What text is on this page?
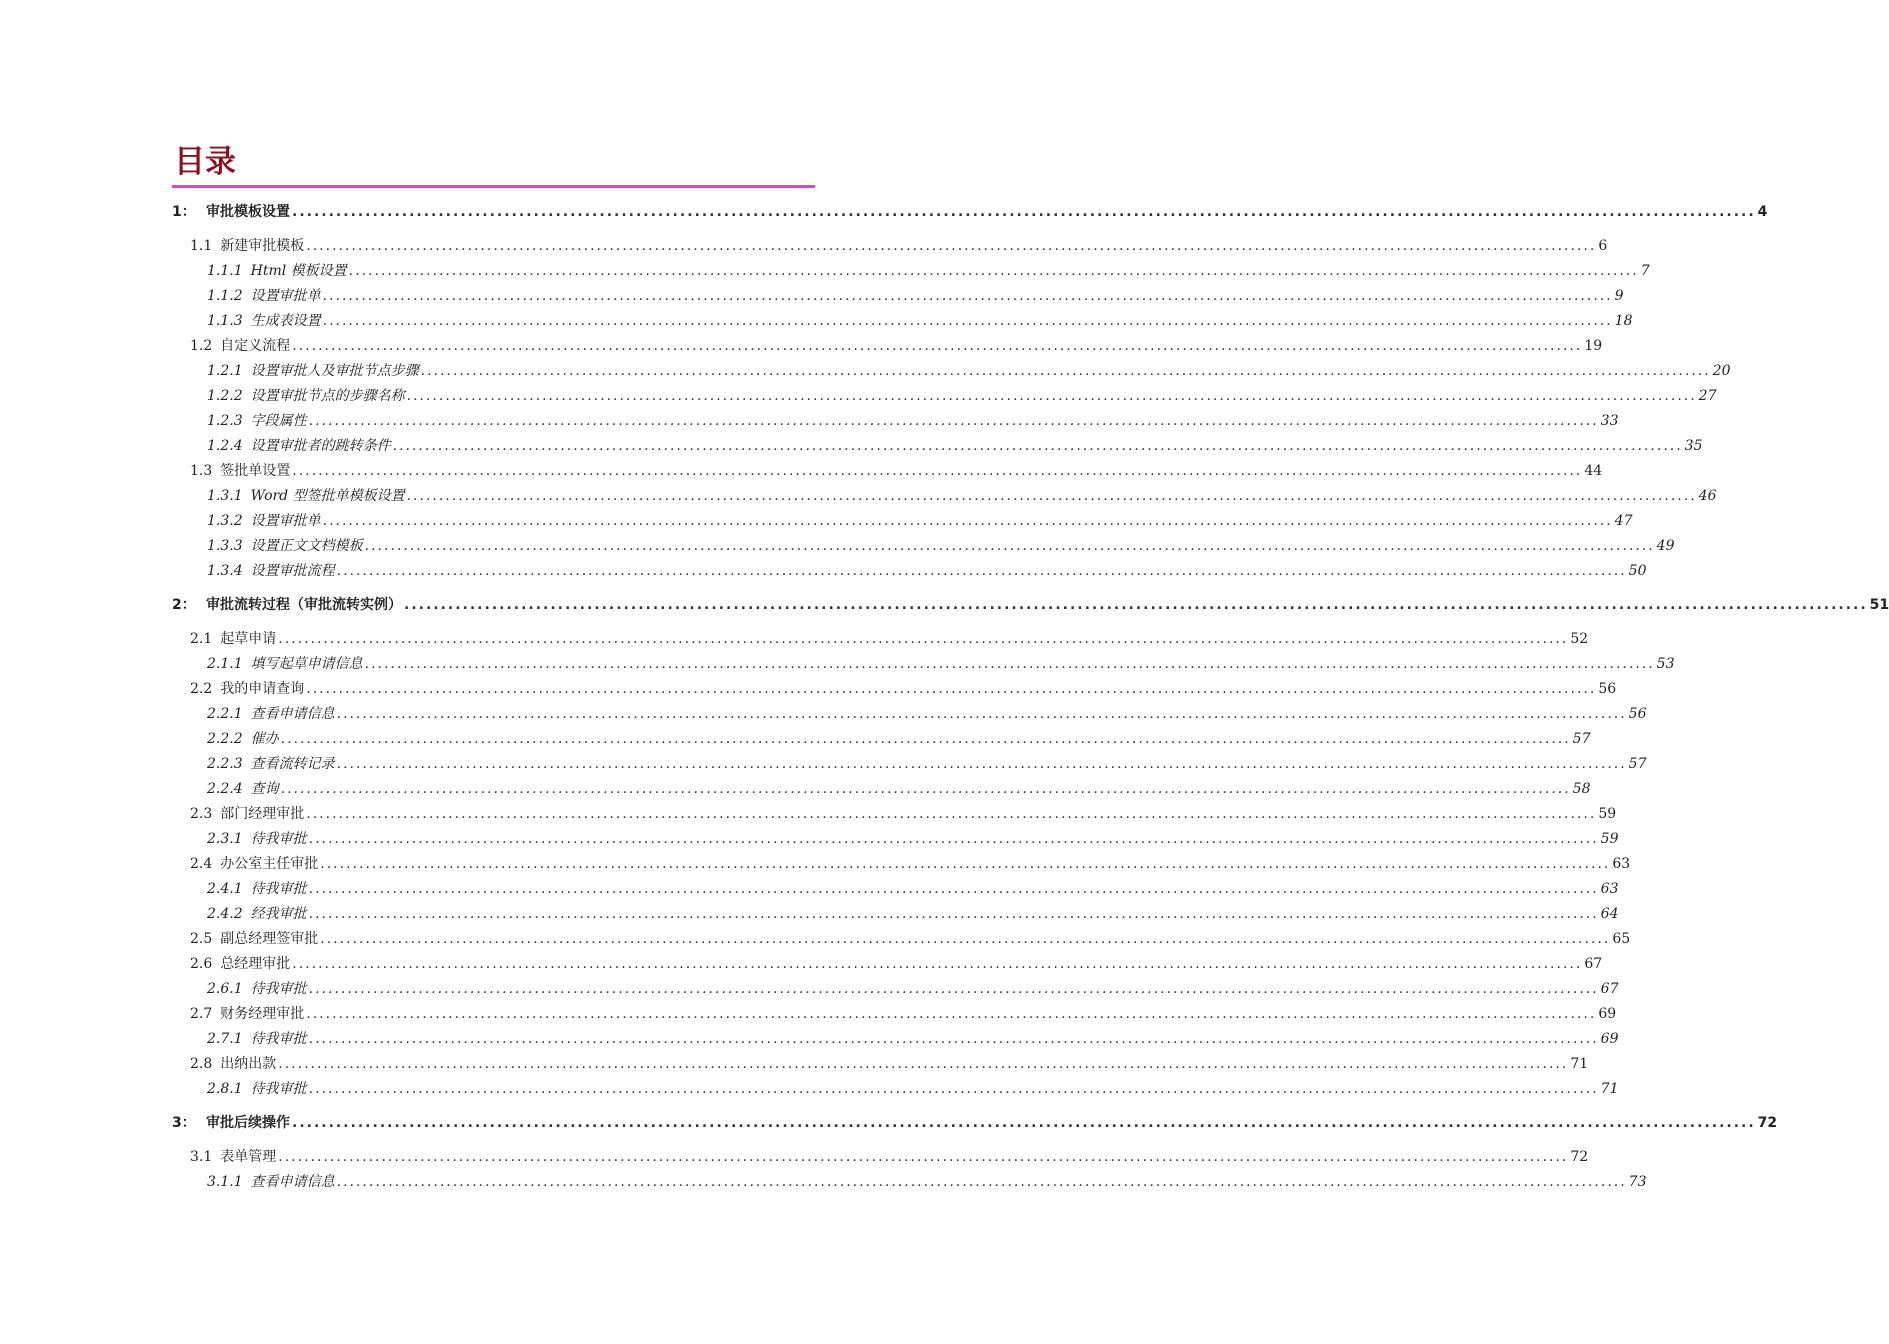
目录
1： 审批模板设置 ........................................................................................................................................................................................................ 4
1.1 新建审批模板 ........................................................................................................................................................................................................ 6
1.1.1 Html 模板设置 ........................................................................................................................................................................................................ 7
1.1.2 设置审批单 ........................................................................................................................................................................................................ 9
1.1.3 生成表设置 ........................................................................................................................................................................................................ 18
1.2 自定义流程 ........................................................................................................................................................................................................ 19
1.2.1 设置审批人及审批节点步骤 ........................................................................................................................................................................................................ 20
1.2.2 设置审批节点的步骤名称 ........................................................................................................................................................................................................ 27
1.2.3 字段属性 ........................................................................................................................................................................................................ 33
1.2.4 设置审批者的跳转条件 ........................................................................................................................................................................................................ 35
1.3 签批单设置 ........................................................................................................................................................................................................ 44
1.3.1 Word 型签批单模板设置 ........................................................................................................................................................................................................ 46
1.3.2 设置审批单 ........................................................................................................................................................................................................ 47
1.3.3 设置正文文档模板 ........................................................................................................................................................................................................ 49
1.3.4 设置审批流程 ........................................................................................................................................................................................................ 50
2： 审批流转过程（审批流转实例） ........................................................................................................................................................................................................ 51
2.1 起草申请 ........................................................................................................................................................................................................ 52
2.1.1 填写起草申请信息 ........................................................................................................................................................................................................ 53
2.2 我的申请查询 ........................................................................................................................................................................................................ 56
2.2.1 查看申请信息 ........................................................................................................................................................................................................ 56
2.2.2 催办 ........................................................................................................................................................................................................ 57
2.2.3 查看流转记录 ........................................................................................................................................................................................................ 57
2.2.4 查询 ........................................................................................................................................................................................................ 58
2.3 部门经理审批 ........................................................................................................................................................................................................ 59
2.3.1 待我审批 ........................................................................................................................................................................................................ 59
2.4 办公室主任审批 ........................................................................................................................................................................................................ 63
2.4.1 待我审批 ........................................................................................................................................................................................................ 63
2.4.2 经我审批 ........................................................................................................................................................................................................ 64
2.5 副总经理签审批 ........................................................................................................................................................................................................ 65
2.6 总经理审批 ........................................................................................................................................................................................................ 67
2.6.1 待我审批 ........................................................................................................................................................................................................ 67
2.7 财务经理审批 ........................................................................................................................................................................................................ 69
2.7.1 待我审批 ........................................................................................................................................................................................................ 69
2.8 出纳出款 ........................................................................................................................................................................................................ 71
2.8.1 待我审批 ........................................................................................................................................................................................................ 71
3： 审批后续操作 ........................................................................................................................................................................................................ 72
3.1 表单管理 ........................................................................................................................................................................................................ 72
3.1.1 查看申请信息 ........................................................................................................................................................................................................ 73
